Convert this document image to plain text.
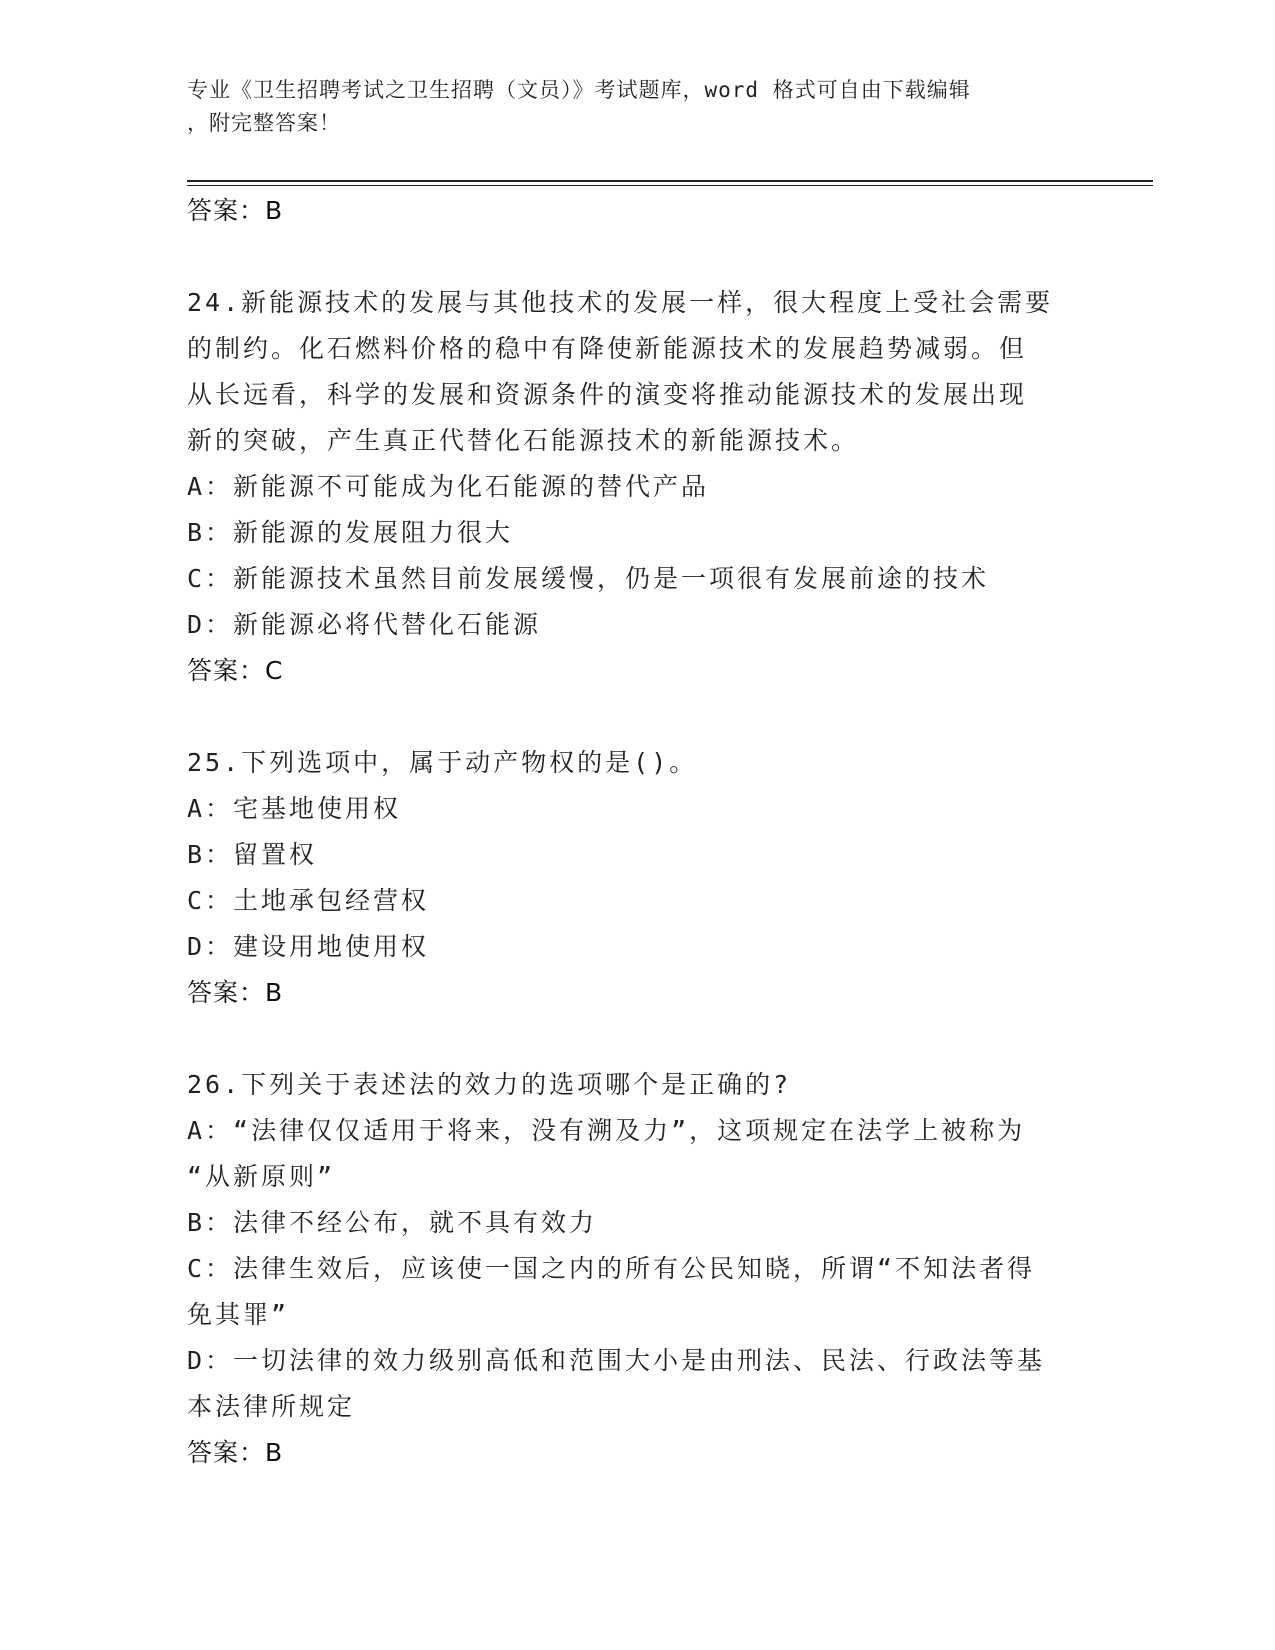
专业《卫生招聘考试之卫生招聘（文员）》考试题库，word 格式可自由下载编辑
，附完整答案！
答案：B
24.新能源技术的发展与其他技术的发展一样，很大程度上受社会需要
的制约。化石燃料价格的稳中有降使新能源技术的发展趋势减弱。但
从长远看，科学的发展和资源条件的演变将推动能源技术的发展出现
新的突破，产生真正代替化石能源技术的新能源技术。
A：新能源不可能成为化石能源的替代产品
B：新能源的发展阻力很大
C：新能源技术虽然目前发展缓慢，仍是一项很有发展前途的技术
D：新能源必将代替化石能源
答案：C
25.下列选项中，属于动产物权的是()。
A：宅基地使用权
B：留置权
C：土地承包经营权
D：建设用地使用权
答案：B
26.下列关于表述法的效力的选项哪个是正确的?
A：“法律仅仅适用于将来，没有溯及力”，这项规定在法学上被称为
“从新原则”
B：法律不经公布，就不具有效力
C：法律生效后，应该使一国之内的所有公民知晓，所谓“不知法者得
免其罪”
D：一切法律的效力级别高低和范围大小是由刑法、民法、行政法等基
本法律所规定
答案：B
